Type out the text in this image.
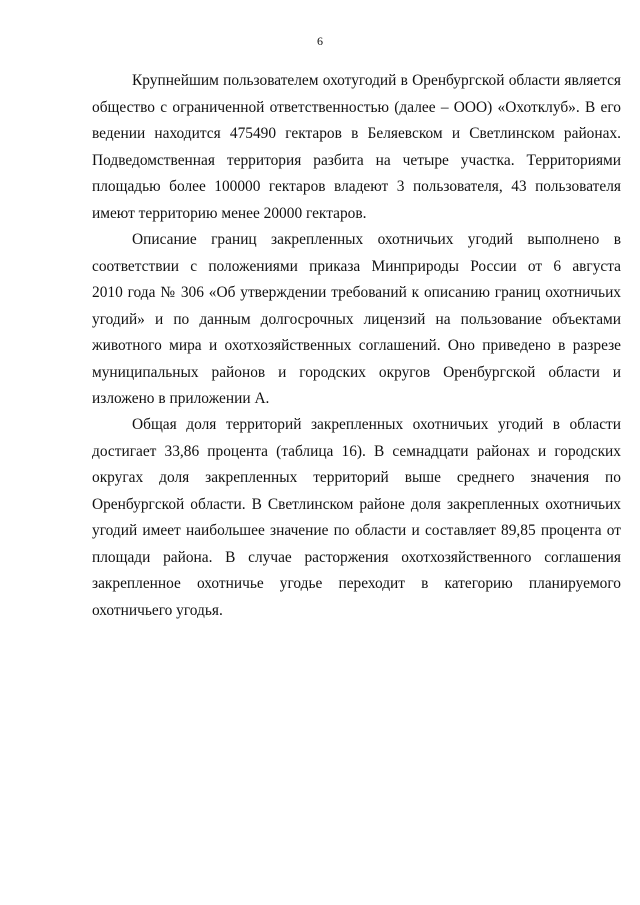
6
Крупнейшим пользователем охотугодий в Оренбургской области является
общество с ограниченной ответственностью (далее – ООО) «Охотклуб». В его
ведении находится 475490 гектаров в Беляевском и Светлинском районах.
Подведомственная территория разбита на четыре участка. Территориями
площадью более 100000 гектаров владеют 3 пользователя, 43 пользователя
имеют территорию менее 20000 гектаров.
Описание границ закрепленных охотничьих угодий выполнено в
соответствии с положениями приказа Минприроды России от 6 августа
2010 года № 306 «Об утверждении требований к описанию границ охотничьих
угодий» и по данным долгосрочных лицензий на пользование объектами
животного мира и охотхозяйственных соглашений. Оно приведено в разрезе
муниципальных районов и городских округов Оренбургской области и
изложено в приложении А.
Общая доля территорий закрепленных охотничьих угодий в области
достигает 33,86 процента (таблица 16). В семнадцати районах и городских
округах доля закрепленных территорий выше среднего значения по
Оренбургской области. В Светлинском районе доля закрепленных охотничьих
угодий имеет наибольшее значение по области и составляет 89,85 процента от
площади района. В случае расторжения охотхозяйственного соглашения
закрепленное охотничье угодье переходит в категорию планируемого
охотничьего угодья.
